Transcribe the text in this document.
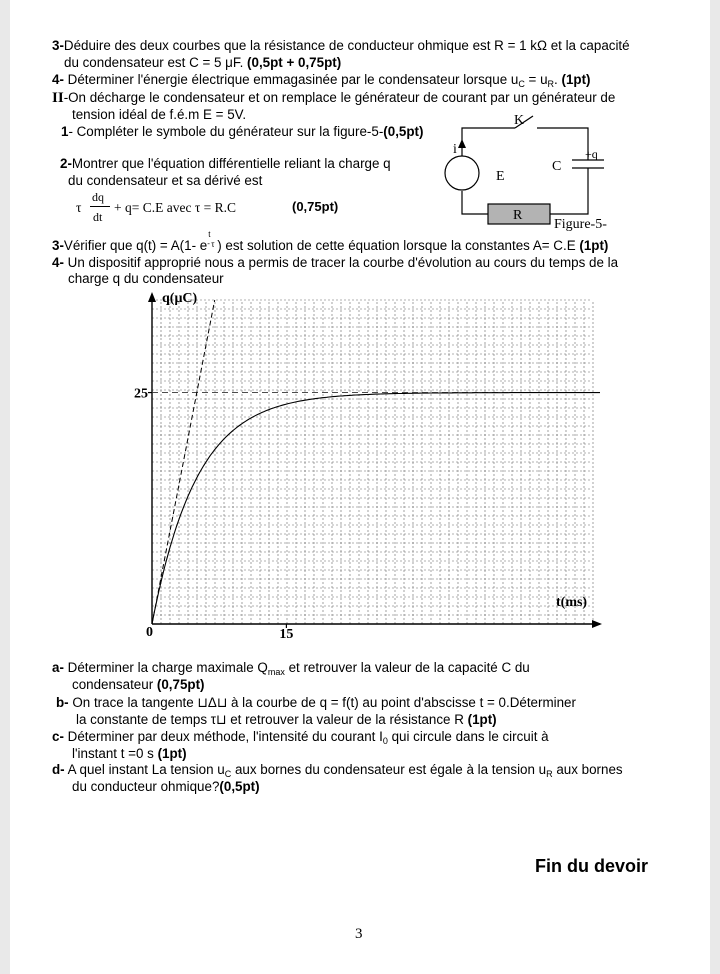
3-Déduire des deux courbes que la résistance de conducteur ohmique est R = 1 kΩ et la capacité
du condensateur est C = 5 μF. (0,5pt + 0,75pt)
4- Déterminer l'énergie électrique emmagasinée par le condensateur lorsque $u_C = u_R$. (1pt)
II-On décharge le condensateur et on remplace le générateur de courant par un générateur de
tension idéal de f.é.m E = 5V.
1- Compléter le symbole du générateur sur la figure-5-(0,5pt)
2-Montrer que l'équation différentielle reliant la charge q
du condensateur et sa dérivé est
τ
dq
dt
+ q= C.E avec τ = R.C	(0,75pt)
K
i
E
C
+q
R
Figure-5-
3-Vérifier que q(t) = A(1- e
t
- τ ) est solution de cette équation lorsque la constantes A= C.E (1pt)
4- Un dispositif approprié nous a permis de tracer la courbe d'évolution au cours du temps de la
charge q du condensateur
q(μC)
t(ms)
25
0	15
a- Déterminer la charge maximale $Q_{max}$ et retrouver la valeur de la capacité C du
condensateur (0,75pt)
b- On trace la tangente ⊔Δ⊔ à la courbe de q = f(t) au point d'abscisse t = 0.Déterminer
la constante de temps τ⊔ et retrouver la valeur de la résistance R (1pt)
c- Déterminer par deux méthode, l'intensité du courant $I_0$ qui circule dans le circuit à
l'instant t =0 s (1pt)
d- A quel instant La tension $u_C$ aux bornes du condensateur est égale à la tension $u_R$ aux bornes
du conducteur ohmique?(0,5pt)
Fin du devoir
3
